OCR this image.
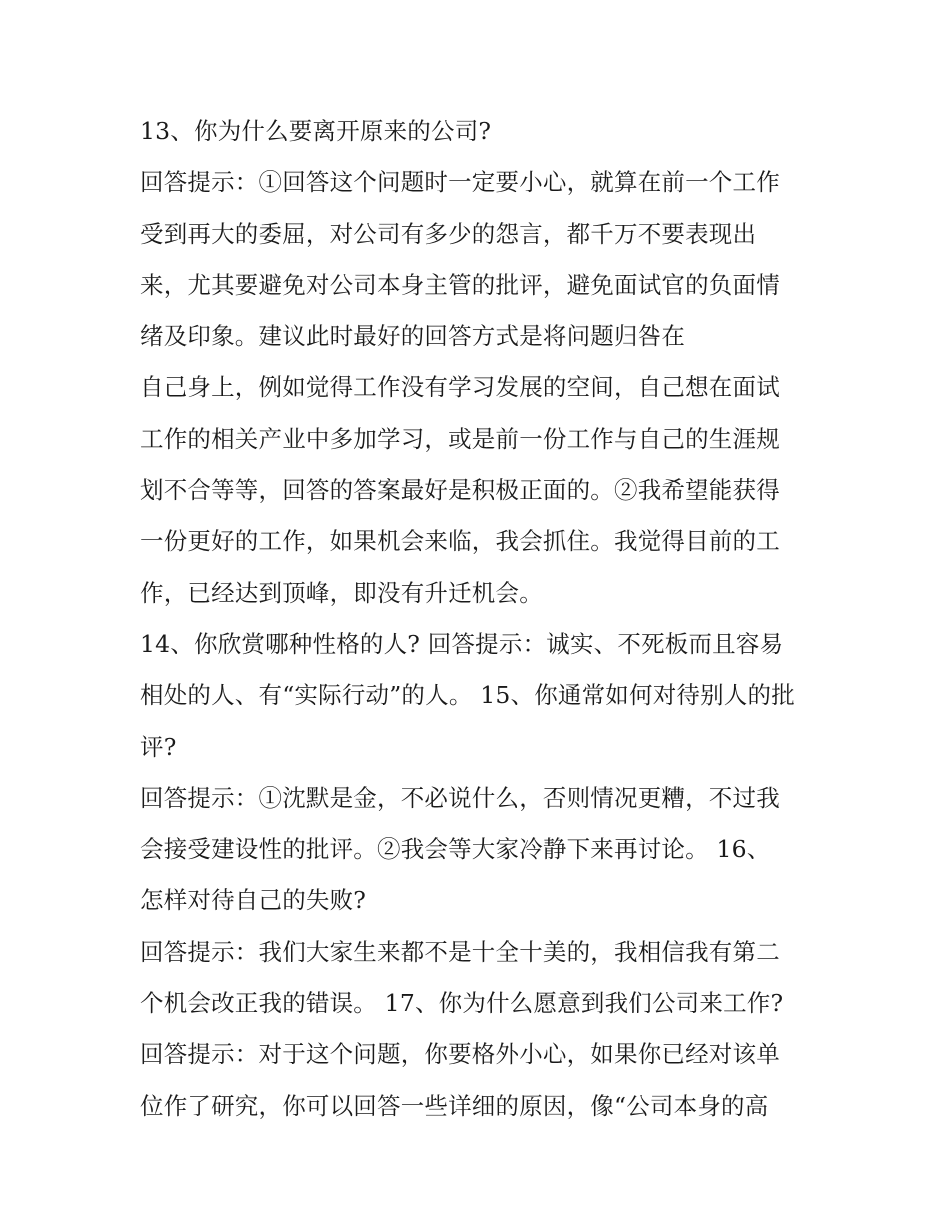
13、你为什么要离开原来的公司?
回答提示：①回答这个问题时一定要小心，就算在前一个工作
受到再大的委屈，对公司有多少的怨言，都千万不要表现出
来，尤其要避免对公司本身主管的批评，避免面试官的负面情
绪及印象。建议此时最好的回答方式是将问题归咎在
自己身上，例如觉得工作没有学习发展的空间，自己想在面试
工作的相关产业中多加学习，或是前一份工作与自己的生涯规
划不合等等，回答的答案最好是积极正面的。②我希望能获得
一份更好的工作，如果机会来临，我会抓住。我觉得目前的工
作，已经达到顶峰，即没有升迁机会。
14、你欣赏哪种性格的人? 回答提示：诚实、不死板而且容易
相处的人、有“实际行动”的人。 15、你通常如何对待别人的批
评?
回答提示：①沈默是金，不必说什么，否则情况更糟，不过我
会接受建设性的批评。②我会等大家冷静下来再讨论。 16、
怎样对待自己的失败?
回答提示：我们大家生来都不是十全十美的，我相信我有第二
个机会改正我的错误。 17、你为什么愿意到我们公司来工作?
回答提示：对于这个问题，你要格外小心，如果你已经对该单
位作了研究，你可以回答一些详细的原因，像“公司本身的高
